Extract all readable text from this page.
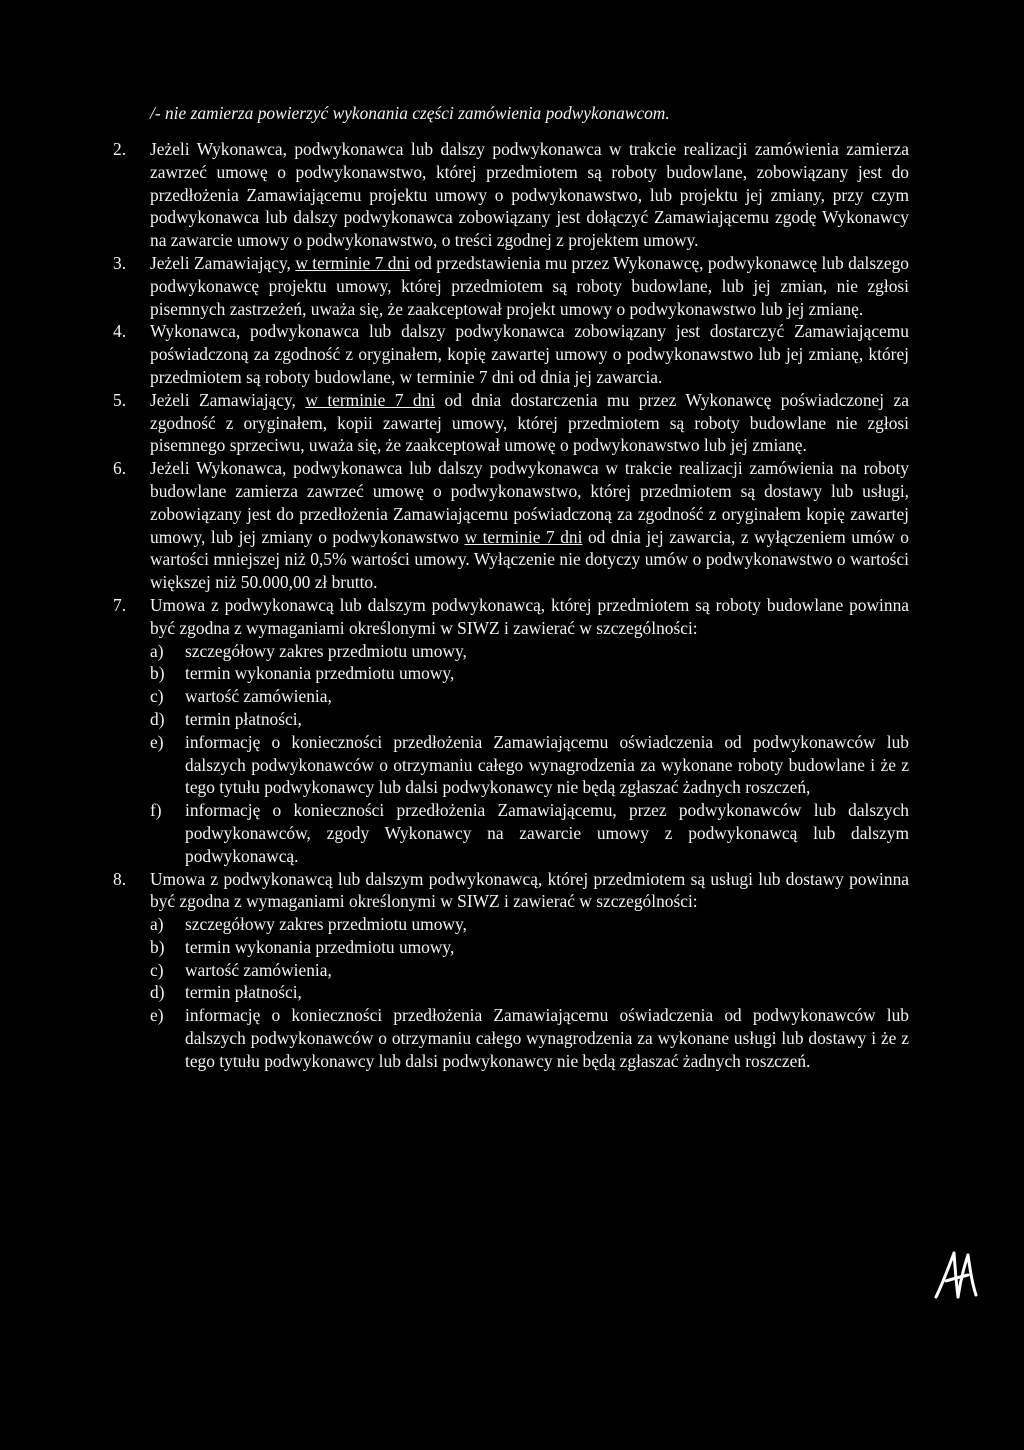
/- nie zamierza powierzyć wykonania części zamówienia podwykonawcom.
2.	Jeżeli Wykonawca, podwykonawca lub dalszy podwykonawca w trakcie realizacji zamówienia zamierza zawrzeć umowę o podwykonawstwo, której przedmiotem są roboty budowlane, zobowiązany jest do przedłożenia Zamawiającemu projektu umowy o podwykonawstwo, lub projektu jej zmiany, przy czym podwykonawca lub dalszy podwykonawca zobowiązany jest dołączyć Zamawiającemu zgodę Wykonawcy na zawarcie umowy o podwykonawstwo, o treści zgodnej z projektem umowy.
3.	Jeżeli Zamawiający, w terminie 7 dni od przedstawienia mu przez Wykonawcę, podwykonawcę lub dalszego podwykonawcę projektu umowy, której przedmiotem są roboty budowlane, lub jej zmian, nie zgłosi pisemnych zastrzeżeń, uważa się, że zaakceptował projekt umowy o podwykonawstwo lub jej zmianę.
4.	Wykonawca, podwykonawca lub dalszy podwykonawca zobowiązany jest dostarczyć Zamawiającemu poświadczoną za zgodność z oryginałem, kopię zawartej umowy o podwykonawstwo lub jej zmianę, której przedmiotem są roboty budowlane, w terminie 7 dni od dnia jej zawarcia.
5.	Jeżeli Zamawiający, w terminie 7 dni od dnia dostarczenia mu przez Wykonawcę poświadczonej za zgodność z oryginałem, kopii zawartej umowy, której przedmiotem są roboty budowlane nie zgłosi pisemnego sprzeciwu, uważa się, że zaakceptował umowę o podwykonawstwo lub jej zmianę.
6.	Jeżeli Wykonawca, podwykonawca lub dalszy podwykonawca w trakcie realizacji zamówienia na roboty budowlane zamierza zawrzeć umowę o podwykonawstwo, której przedmiotem są dostawy lub usługi, zobowiązany jest do przedłożenia Zamawiającemu poświadczoną za zgodność z oryginałem kopię zawartej umowy, lub jej zmiany o podwykonawstwo w terminie 7 dni od dnia jej zawarcia, z wyłączeniem umów o wartości mniejszej niż 0,5% wartości umowy. Wyłączenie nie dotyczy umów o podwykonawstwo o wartości większej niż 50.000,00 zł brutto.
7.	Umowa z podwykonawcą lub dalszym podwykonawcą, której przedmiotem są roboty budowlane powinna być zgodna z wymaganiami określonymi w SIWZ i zawierać w szczególności:
a)	szczegółowy zakres przedmiotu umowy,
b)	termin wykonania przedmiotu umowy,
c)	wartość zamówienia,
d)	termin płatności,
e)	informację o konieczności przedłożenia Zamawiającemu oświadczenia od podwykonawców lub dalszych podwykonawców o otrzymaniu całego wynagrodzenia za wykonane roboty budowlane i że z tego tytułu podwykonawcy lub dalsi podwykonawcy nie będą zgłaszać żadnych roszczeń,
f)	informację o konieczności przedłożenia Zamawiającemu, przez podwykonawców lub dalszych podwykonawców, zgody Wykonawcy na zawarcie umowy z podwykonawcą lub dalszym podwykonawcą.
8.	Umowa z podwykonawcą lub dalszym podwykonawcą, której przedmiotem są usługi lub dostawy powinna być zgodna z wymaganiami określonymi w SIWZ i zawierać w szczególności:
a)	szczegółowy zakres przedmiotu umowy,
b)	termin wykonania przedmiotu umowy,
c)	wartość zamówienia,
d)	termin płatności,
e)	informację o konieczności przedłożenia Zamawiającemu oświadczenia od podwykonawców lub dalszych podwykonawców o otrzymaniu całego wynagrodzenia za wykonane usługi lub dostawy i że z tego tytułu podwykonawcy lub dalsi podwykonawcy nie będą zgłaszać żadnych roszczeń.
